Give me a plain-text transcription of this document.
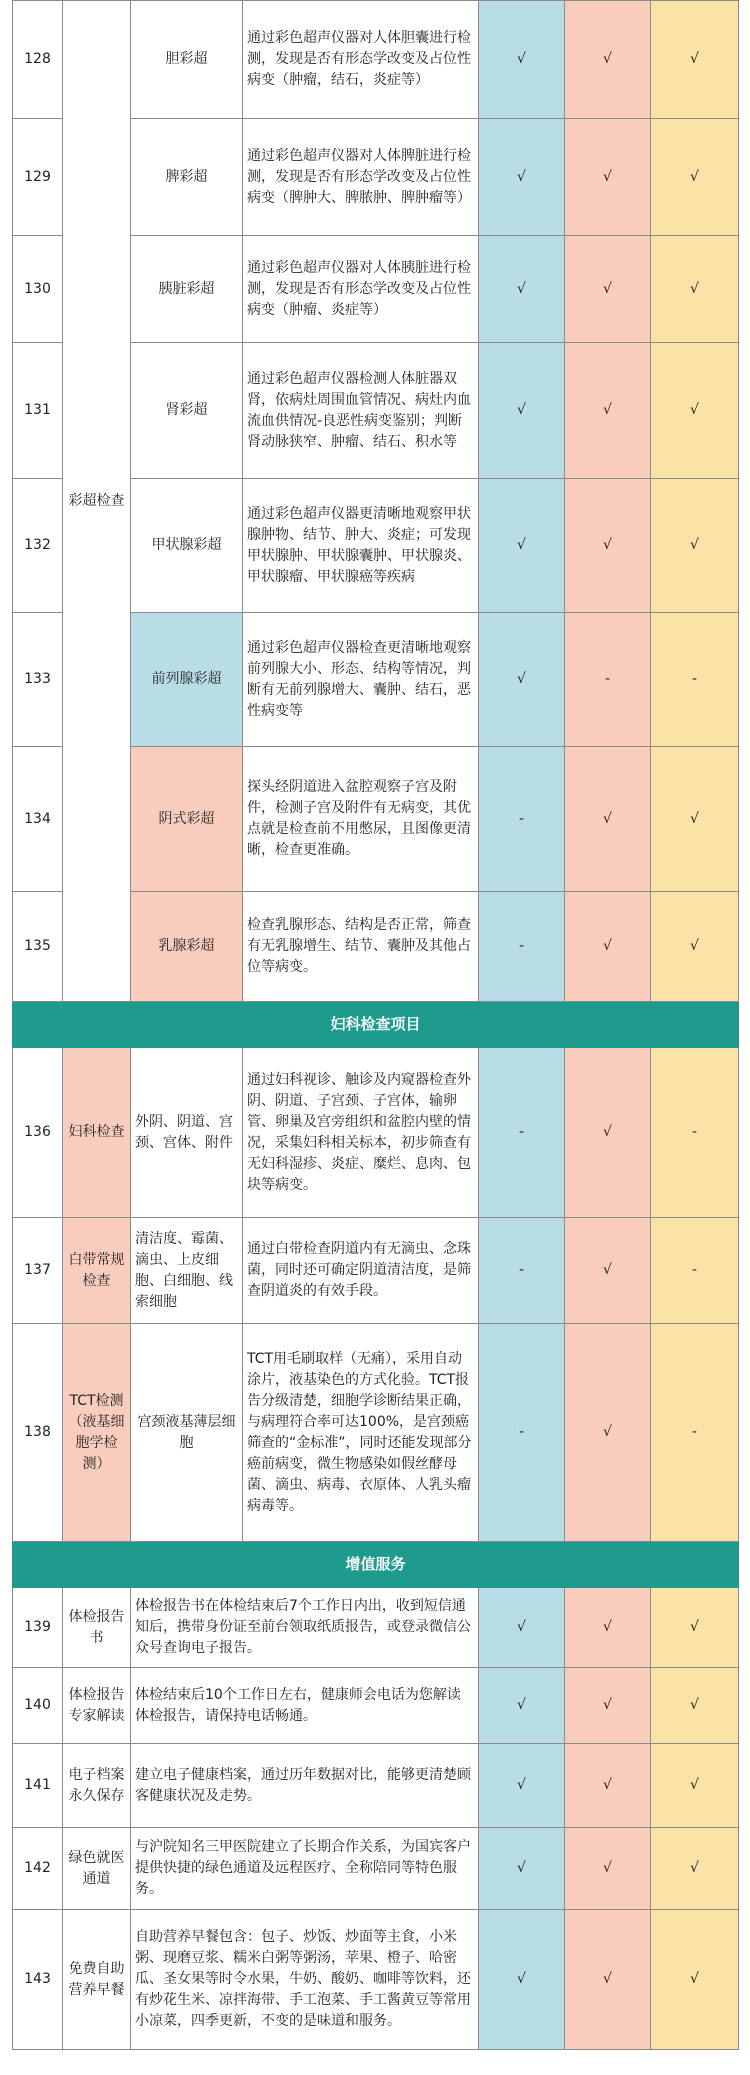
128	彩超检查	胆彩超	通过彩色超声仪器对人体胆囊进行检测，发现是否有形态学改变及占位性病变（肿瘤，结石，炎症等）	√	√	√
129		脾彩超	通过彩色超声仪器对人体脾脏进行检测，发现是否有形态学改变及占位性病变（脾肿大、脾脓肿、脾肿瘤等）	√	√	√
130		胰脏彩超	通过彩色超声仪器对人体胰脏进行检测，发现是否有形态学改变及占位性病变（肿瘤、炎症等）	√	√	√
131		肾彩超	通过彩色超声仪器检测人体脏器双肾，依病灶周围血管情况、病灶内血流血供情况-良恶性病变鉴别；判断肾动脉狭窄、肿瘤、结石、积水等	√	√	√
132		甲状腺彩超	通过彩色超声仪器更清晰地观察甲状腺肿物、结节、肿大、炎症；可发现甲状腺肿、甲状腺囊肿、甲状腺炎、甲状腺瘤、甲状腺癌等疾病	√	√	√
133		前列腺彩超	通过彩色超声仪器检查更清晰地观察前列腺大小、形态、结构等情况，判断有无前列腺增大、囊肿、结石，恶性病变等	√	-	-
134		阴式彩超	探头经阴道进入盆腔观察子宫及附件，检测子宫及附件有无病变，其优点就是检查前不用憋尿，且图像更清晰，检查更准确。	-	√	√
135		乳腺彩超	检查乳腺形态、结构是否正常，筛查有无乳腺增生、结节、囊肿及其他占位等病变。	-	√	√
妇科检查项目						
136	妇科检查	外阴、阴道、宫颈、宫体、附件	通过妇科视诊、触诊及内窥器检查外阴、阴道、子宫颈、子宫体，输卵管、卵巢及宫旁组织和盆腔内壁的情况，采集妇科相关标本，初步筛查有无妇科湿疹、炎症、糜烂、息肉、包块等病变。	-	√	-
137	白带常规检查	清洁度、霉菌、滴虫、上皮细胞、白细胞、线索细胞	通过白带检查阴道内有无滴虫、念珠菌，同时还可确定阴道清洁度，是筛查阴道炎的有效手段。	-	√	-
138	TCT检测（液基细胞学检测）	宫颈液基薄层细胞	TCT用毛刷取样（无痛），采用自动涂片，液基染色的方式化验。TCT报告分级清楚，细胞学诊断结果正确，与病理符合率可达100%，是宫颈癌筛查的“金标准”，同时还能发现部分癌前病变，微生物感染如假丝酵母菌、滴虫、病毒、衣原体、人乳头瘤病毒等。	-	√	-
增值服务						
139	体检报告书	体检报告书在体检结束后7个工作日内出，收到短信通知后，携带身份证至前台领取纸质报告，或登录微信公众号查询电子报告。		√	√	√
140	体检报告专家解读	体检结束后10个工作日左右，健康师会电话为您解读体检报告，请保持电话畅通。		√	√	√
141	电子档案永久保存	建立电子健康档案，通过历年数据对比，能够更清楚顾客健康状况及走势。		√	√	√
142	绿色就医通道	与沪院知名三甲医院建立了长期合作关系，为国宾客户提供快捷的绿色通道及远程医疗、全称陪同等特色服务。		√	√	√
143	免费自助营养早餐	自助营养早餐包含：包子、炒饭、炒面等主食，小米粥、现磨豆浆、糯米白粥等粥汤，苹果、橙子、哈密瓜、圣女果等时令水果，牛奶、酸奶、咖啡等饮料，还有炒花生米、凉拌海带、手工泡菜、手工酱黄豆等常用小凉菜，四季更新，不变的是味道和服务。		√	√	√
